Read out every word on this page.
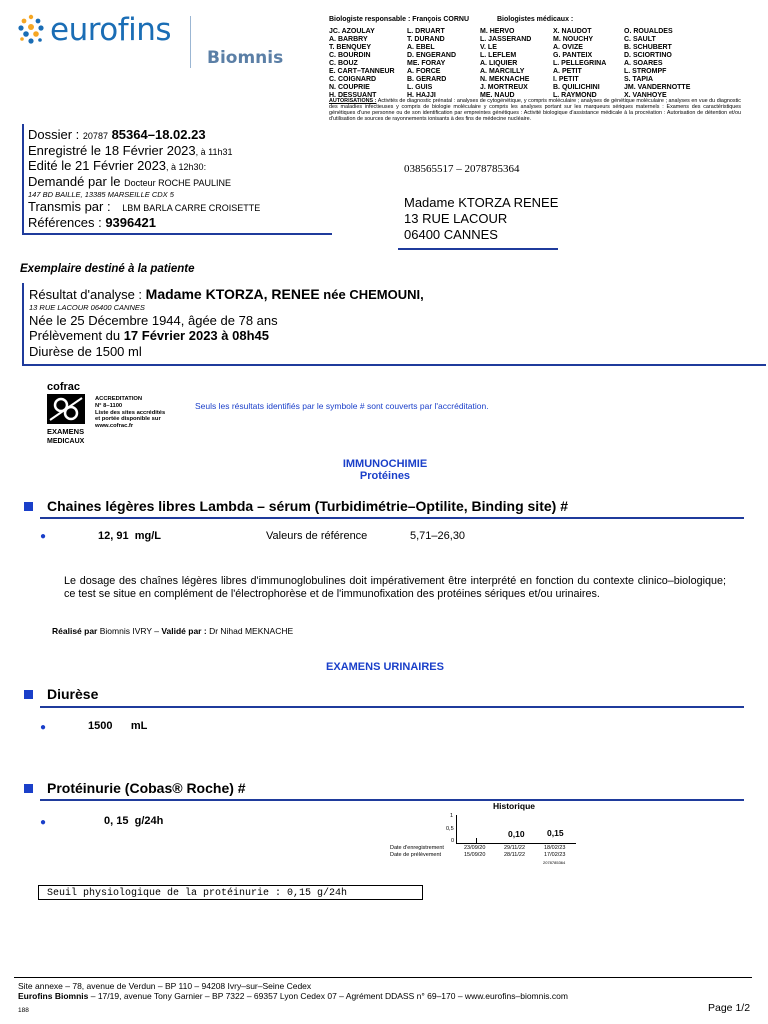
eurofins
Biomnis
Biologiste responsable : François CORNU	Biologistes médicaux :
JC. AZOULAY
A. BARBRY
T. BENQUEY
C. BOURDIN
C. BOUZ
E. CART–TANNEUR
C. COIGNARD
N. COUPRIE
H. DESSUANT
L. DRUART
T. DURAND
A. EBEL
D. ENGERAND
ME. FORAY
A. FORCE
B. GERARD
L. GUIS
H. HAJJI
M. HERVO
L. JASSERAND
V. LE
L. LEFLEM
A. LIQUIER
A. MARCILLY
N. MEKNACHE
J. MORTREUX
ME. NAUD
X. NAUDOT
M. NOUCHY
A. OVIZE
G. PANTEIX
L. PELLEGRINA
A. PETIT
I. PETIT
B. QUILICHINI
L. RAYMOND
O. ROUALDES
C. SAULT
B. SCHUBERT
D. SCIORTINO
A. SOARES
L. STROMPF
S. TAPIA
JM. VANDERNOTTE
X. VANHOYE
AUTORISATIONS : Activités de diagnostic prénatal : analyses de cytogénétique, y compris moléculaire ; analyses de génétique moléculaire ; analyses en vue du diagnostic des maladies infectieuses y compris de biologie moléculaire y compris les analyses portant sur les marqueurs sériques maternels : Examens des caractéristiques génétiques d'une personne ou de son identification par empreintes génétiques : Activité biologique d'assistance médicale à la procréation : Autorisation de détention et/ou d'utilisation de sources de rayonnements ionisants à des fins de médecine nucléaire.
Dossier : 20787 85364–18.02.23
Enregistré le 18 Février 2023, à 11h31
Edité le 21 Février 2023, à 12h30:
Demandé par le Docteur ROCHE PAULINE
147 BD BAILLE, 13385 MARSEILLE CDX 5
Transmis par : LBM BARLA CARRE CROISETTE
Références : 9396421
038565517 – 2078785364
Madame KTORZA RENEE
13 RUE LACOUR
06400 CANNES
Exemplaire destiné à la patiente
Résultat d'analyse : Madame KTORZA, RENEE née CHEMOUNI,
13 RUE LACOUR 06400 CANNES
Née le 25 Décembre 1944, âgée de 78 ans
Prélèvement du 17 Février 2023 à 08h45
Diurèse de 1500 ml
cofrac
EXAMENS
MEDICAUX
ACCREDITATION
N° 8–1100
Liste des sites accrédités
et portée disponible sur
www.cofrac.fr
Seuls les résultats identifiés par le symbole # sont couverts par l'accréditation.
IMMUNOCHIMIE
Protéines
Chaines légères libres Lambda – sérum (Turbidimétrie–Optilite, Binding site) #
●	12, 91 mg/L	Valeurs de référence	5,71–26,30
Le dosage des chaînes légères libres d'immunoglobulines doit impérativement être interprété en fonction du contexte clinico–biologique; ce test se situe en complément de l'électrophorèse et de l'immunofixation des protéines sériques et/ou urinaires.
Réalisé par Biomnis IVRY – Validé par : Dr Nihad MEKNACHE
EXAMENS URINAIRES
Diurèse
●	1500 mL
Protéinurie (Cobas® Roche) #
●	0, 15 g/24h
Historique
1
0,5
0
0,10	0,15
Date d'enregistrement
Date de prélèvement
23/09/20	29/11/22	18/02/23
15/09/20	28/11/22	17/02/23
2078785364
Seuil physiologique de la protéinurie : 0,15 g/24h
Site annexe – 78, avenue de Verdun – BP 110 – 94208 Ivry–sur–Seine Cedex
Eurofins Biomnis – 17/19, avenue Tony Garnier – BP 7322 – 69357 Lyon Cedex 07 – Agrément DDASS n° 69–170 – www.eurofins–biomnis.com
188	Page 1/2
